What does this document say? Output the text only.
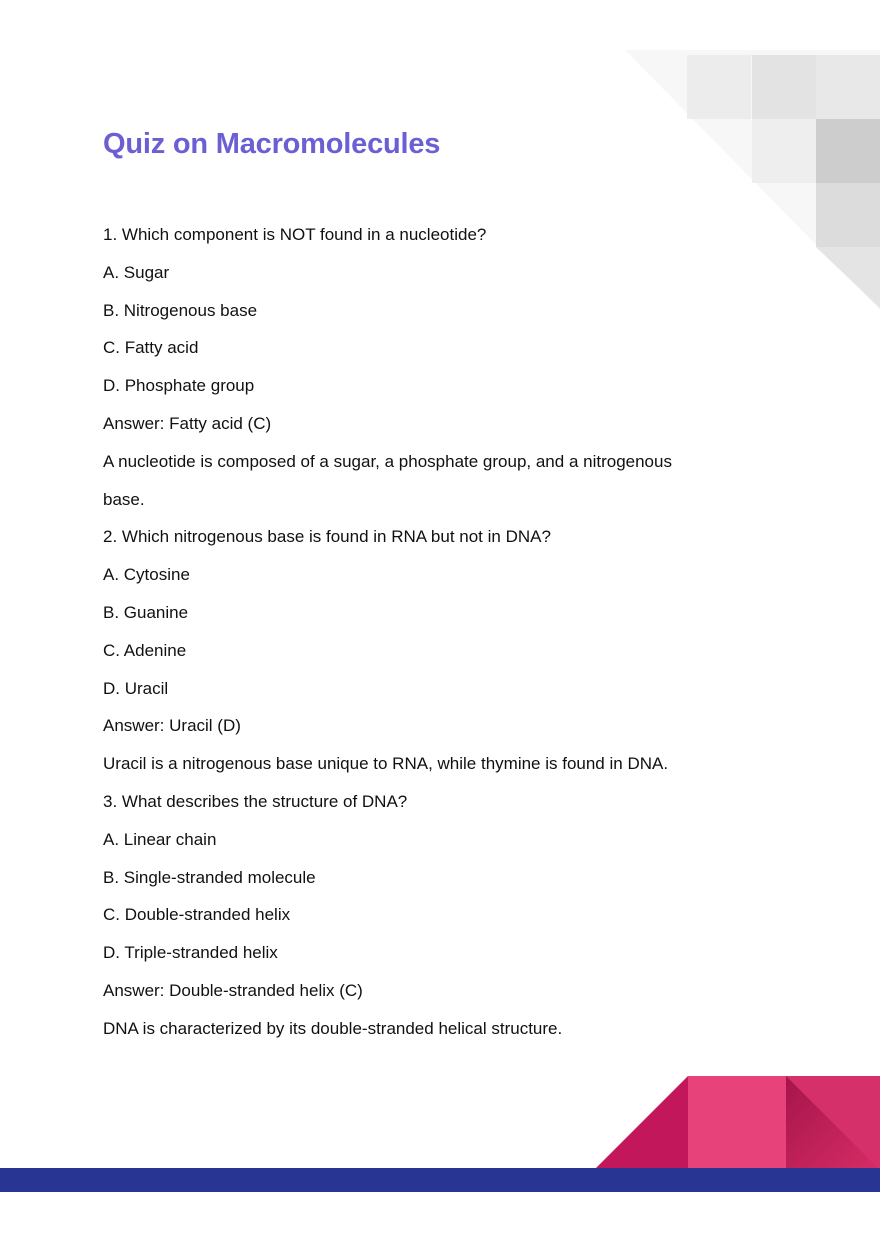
Quiz on Macromolecules
1. Which component is NOT found in a nucleotide?
A. Sugar
B. Nitrogenous base
C. Fatty acid
D. Phosphate group
Answer: Fatty acid (C)
A nucleotide is composed of a sugar, a phosphate group, and a nitrogenous
base.
2. Which nitrogenous base is found in RNA but not in DNA?
A. Cytosine
B. Guanine
C. Adenine
D. Uracil
Answer: Uracil (D)
Uracil is a nitrogenous base unique to RNA, while thymine is found in DNA.
3. What describes the structure of DNA?
A. Linear chain
B. Single-stranded molecule
C. Double-stranded helix
D. Triple-stranded helix
Answer: Double-stranded helix (C)
DNA is characterized by its double-stranded helical structure.
